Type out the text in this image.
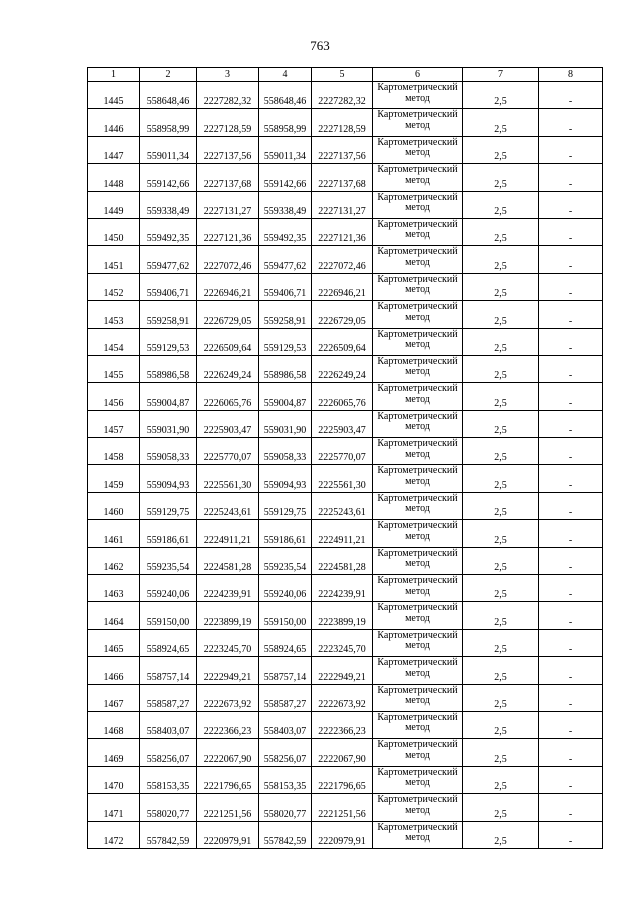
763
1	2	3	4	5	6	7	8
1445	558648,46	2227282,32	558648,46	2227282,32	Картометрический метод	2,5	-
1446	558958,99	2227128,59	558958,99	2227128,59	Картометрический метод	2,5	-
1447	559011,34	2227137,56	559011,34	2227137,56	Картометрический метод	2,5	-
1448	559142,66	2227137,68	559142,66	2227137,68	Картометрический метод	2,5	-
1449	559338,49	2227131,27	559338,49	2227131,27	Картометрический метод	2,5	-
1450	559492,35	2227121,36	559492,35	2227121,36	Картометрический метод	2,5	-
1451	559477,62	2227072,46	559477,62	2227072,46	Картометрический метод	2,5	-
1452	559406,71	2226946,21	559406,71	2226946,21	Картометрический метод	2,5	-
1453	559258,91	2226729,05	559258,91	2226729,05	Картометрический метод	2,5	-
1454	559129,53	2226509,64	559129,53	2226509,64	Картометрический метод	2,5	-
1455	558986,58	2226249,24	558986,58	2226249,24	Картометрический метод	2,5	-
1456	559004,87	2226065,76	559004,87	2226065,76	Картометрический метод	2,5	-
1457	559031,90	2225903,47	559031,90	2225903,47	Картометрический метод	2,5	-
1458	559058,33	2225770,07	559058,33	2225770,07	Картометрический метод	2,5	-
1459	559094,93	2225561,30	559094,93	2225561,30	Картометрический метод	2,5	-
1460	559129,75	2225243,61	559129,75	2225243,61	Картометрический метод	2,5	-
1461	559186,61	2224911,21	559186,61	2224911,21	Картометрический метод	2,5	-
1462	559235,54	2224581,28	559235,54	2224581,28	Картометрический метод	2,5	-
1463	559240,06	2224239,91	559240,06	2224239,91	Картометрический метод	2,5	-
1464	559150,00	2223899,19	559150,00	2223899,19	Картометрический метод	2,5	-
1465	558924,65	2223245,70	558924,65	2223245,70	Картометрический метод	2,5	-
1466	558757,14	2222949,21	558757,14	2222949,21	Картометрический метод	2,5	-
1467	558587,27	2222673,92	558587,27	2222673,92	Картометрический метод	2,5	-
1468	558403,07	2222366,23	558403,07	2222366,23	Картометрический метод	2,5	-
1469	558256,07	2222067,90	558256,07	2222067,90	Картометрический метод	2,5	-
1470	558153,35	2221796,65	558153,35	2221796,65	Картометрический метод	2,5	-
1471	558020,77	2221251,56	558020,77	2221251,56	Картометрический метод	2,5	-
1472	557842,59	2220979,91	557842,59	2220979,91	Картометрический метод	2,5	-
